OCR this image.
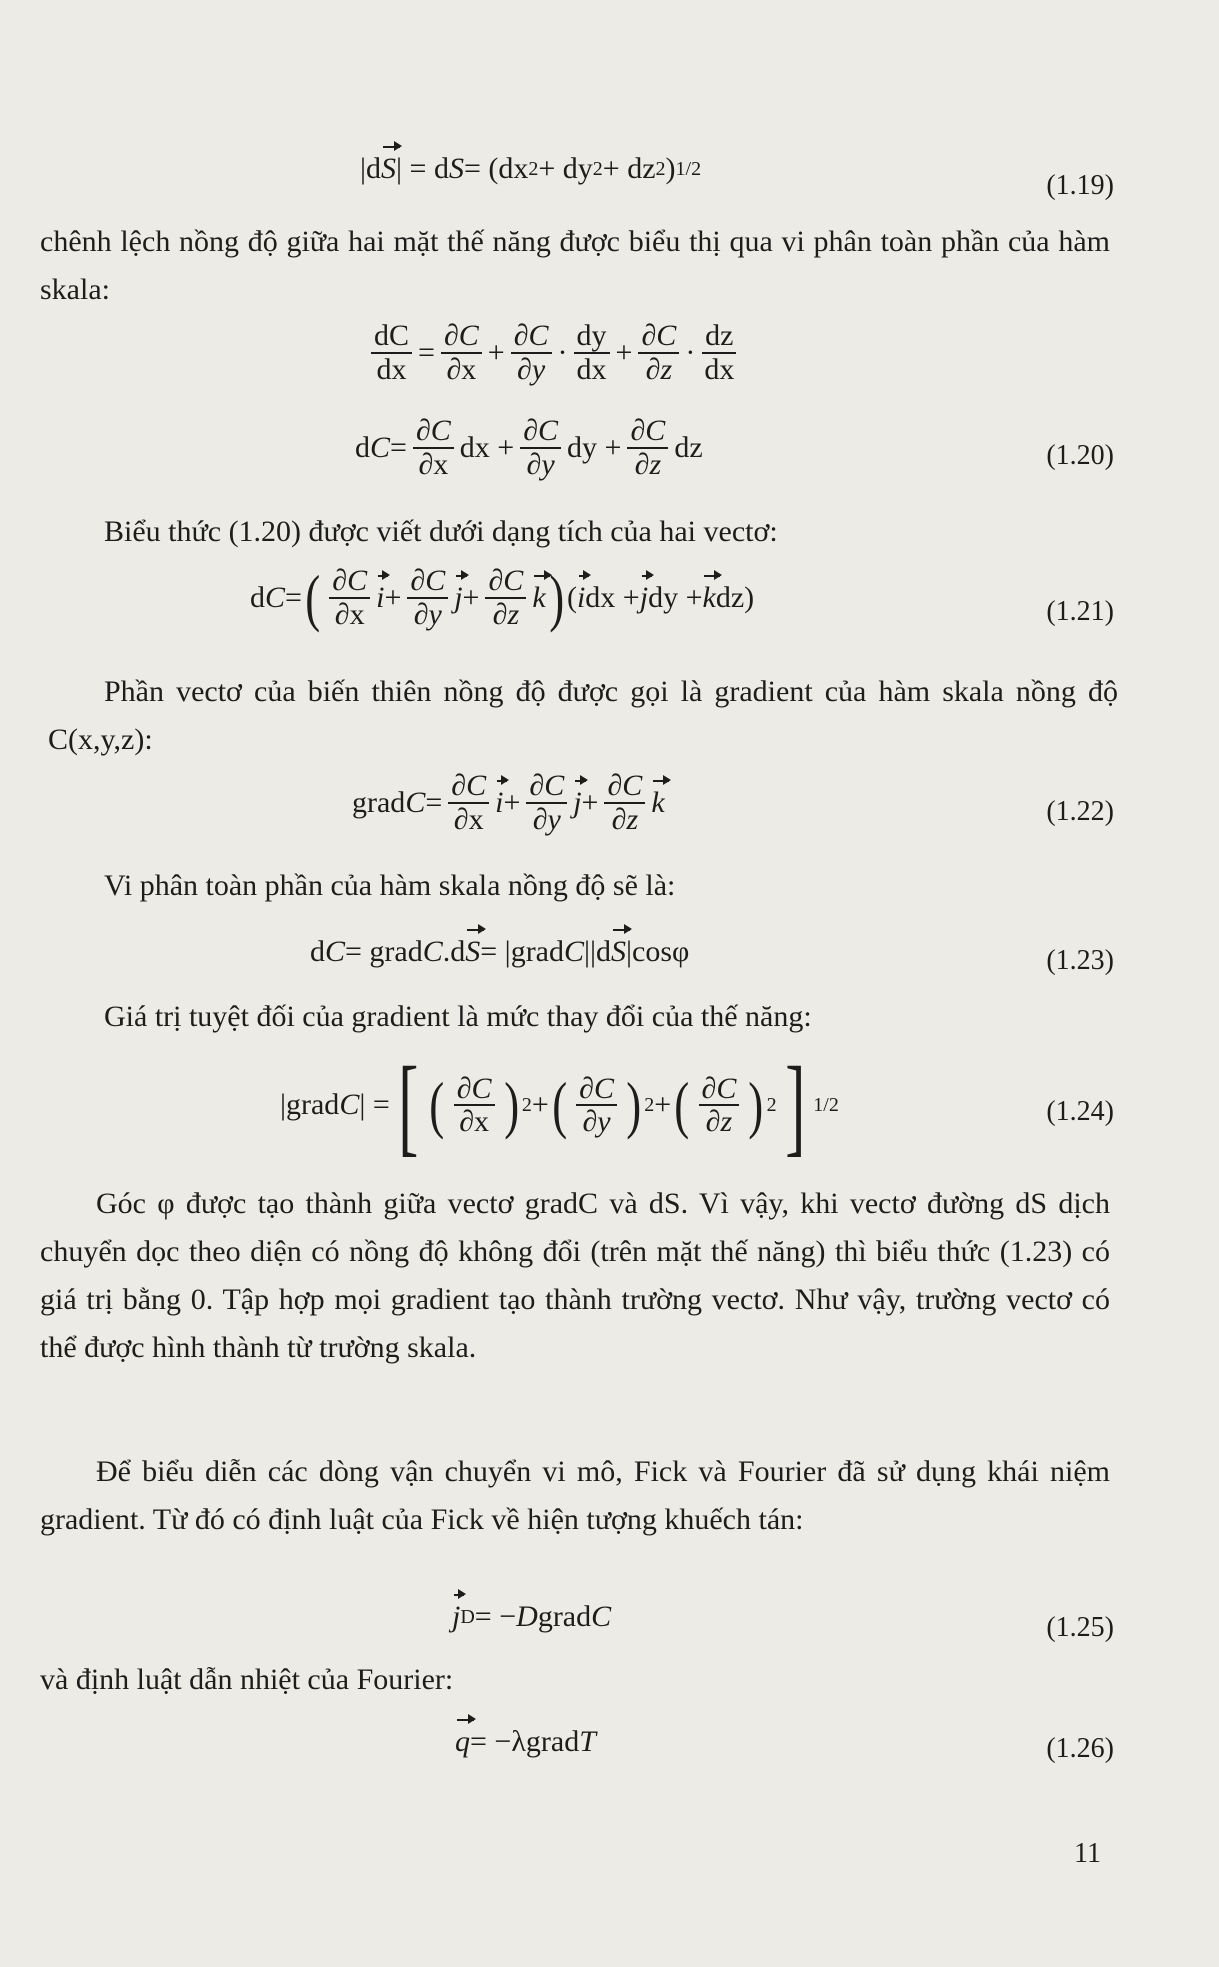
|d S | = d S = (dx 2 + dy 2 + dz 2 ) 1/2
(1.19)
chênh lệch nồng độ giữa hai mặt thế năng được biểu thị qua vi phân toàn phần của hàm skala:
$\frac{dC}{dx} = \frac{\partial C}{\partial x} + \frac{\partial C}{\partial y} \cdot \frac{dy}{dx} + \frac{\partial C}{\partial z} \cdot \frac{dz}{dx}$
d $C = \frac{\partial C}{\partial x}$ dx + $\frac{\partial C}{\partial y}$ dy + $\frac{\partial C}{\partial z}$ dz	(1.20)
Biểu thức (1.20) được viết dưới dạng tích của hai vectơ:
d C = ( $\frac{\partial C}{\partial x}$ $i + \frac{\partial C}{\partial y}$ $j + \frac{\partial C}{\partial z}$ k ) ( i dx + j dy + k dz)	(1.21)
Phần vectơ của biến thiên nồng độ được gọi là gradient của hàm skala nồng độ C(x,y,z):
grad $C = \frac{\partial C}{\partial x}$ $i + \frac{\partial C}{\partial y}$ $j + \frac{\partial C}{\partial z}$ k	(1.22)
Vi phân toàn phần của hàm skala nồng độ sẽ là:
d C = grad C .d S = |grad C ||d S |cosφ	(1.23)
Giá trị tuyệt đối của gradient là mức thay đổi của thế năng:
|grad C | = [ ( $\frac{\partial C}{\partial x}$ ) 2 + ( $\frac{\partial C}{\partial y}$ ) 2 + ( $\frac{\partial C}{\partial z}$ ) 2 ] 1/2	(1.24)
Góc φ được tạo thành giữa vectơ gradC và dS. Vì vậy, khi vectơ đường dS dịch chuyển dọc theo diện có nồng độ không đổi (trên mặt thế năng) thì biểu thức (1.23) có giá trị bằng 0. Tập hợp mọi gradient tạo thành trường vectơ. Như vậy, trường vectơ có thể được hình thành từ trường skala.
Để biểu diễn các dòng vận chuyển vi mô, Fick và Fourier đã sử dụng khái niệm gradient. Từ đó có định luật của Fick về hiện tượng khuếch tán:
j D = − D grad C	(1.25)
và định luật dẫn nhiệt của Fourier:
q = −λgrad T	(1.26)
11
